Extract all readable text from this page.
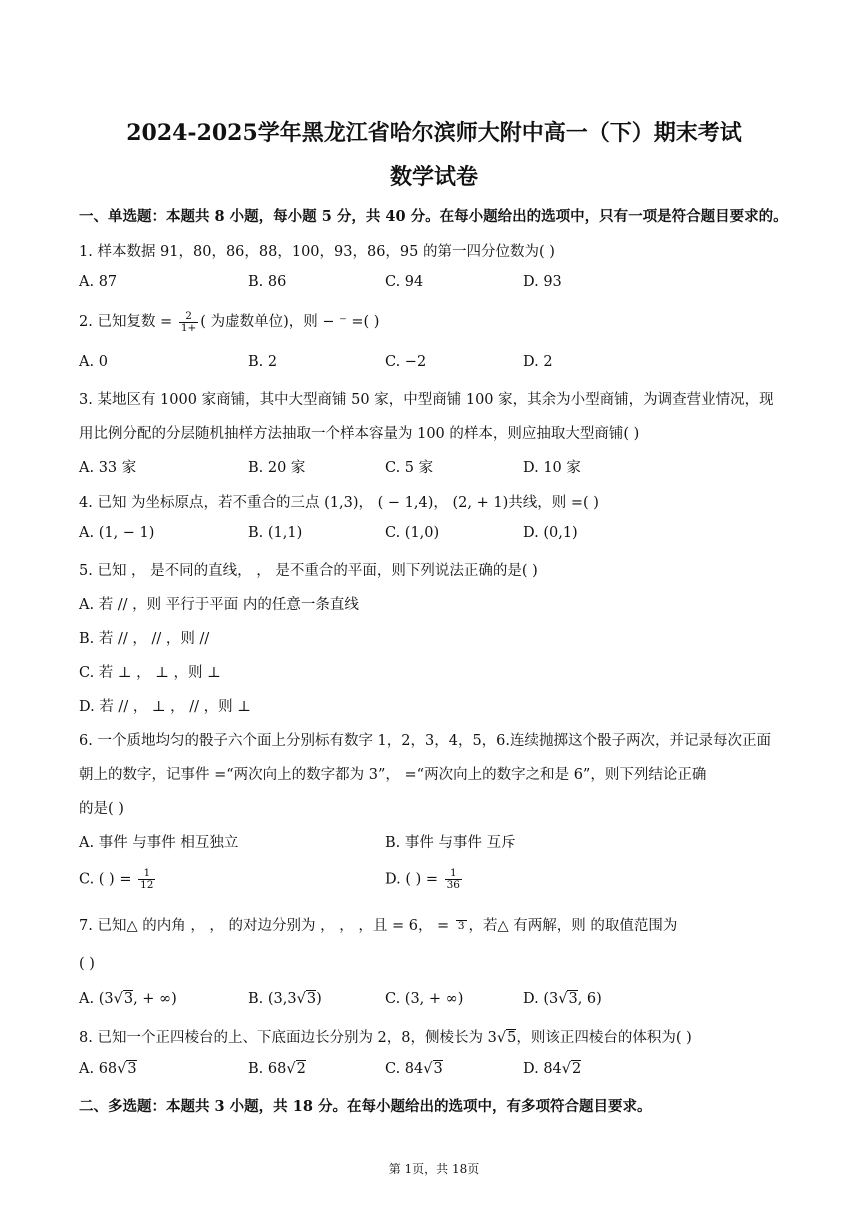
2024-2025学年黑龙江省哈尔滨师大附中高一（下）期末考试
数学试卷
一、单选题：本题共 8 小题，每小题 5 分，共 40 分。在每小题给出的选项中，只有一项是符合题目要求的。
1. 样本数据 91，80，86，88，100，93，86，95 的第一四分位数为( )
A. 87	B. 86	C. 94	D. 93
2. 已知复数 = $\frac{2}{1+}$ ( 为虚数单位)，则 − ⁻ =( )
A. 0	B. 2	C. −2	D. 2
3. 某地区有 1000 家商铺，其中大型商铺 50 家，中型商铺 100 家，其余为小型商铺，为调查营业情况，现
用比例分配的分层随机抽样方法抽取一个样本容量为 100 的样本，则应抽取大型商铺( )
A. 33 家	B. 20 家	C. 5 家	D. 10 家
4. 已知 为坐标原点，若不重合的三点 (1,3)， ( − 1,4)， (2, + 1)共线，则 =( )
A. (1, − 1)	B. (1,1)	C. (1,0)	D. (0,1)
5. 已知 ， 是不同的直线， ， 是不重合的平面，则下列说法正确的是( )
A. 若 // ，则 平行于平面 内的任意一条直线
B. 若 // ， // ，则 //
C. 若 ⊥ ， ⊥ ，则 ⊥
D. 若 // ， ⊥ ， // ，则 ⊥
6. 一个质地均匀的骰子六个面上分别标有数字 1，2，3，4，5，6.连续抛掷这个骰子两次，并记录每次正面
朝上的数字，记事件 =“两次向上的数字都为 3”， =“两次向上的数字之和是 6”，则下列结论正确
的是( )
A. 事件 与事件 相互独立	B. 事件 与事件 互斥
C. ( ) = $\frac{1}{12}$	D. ( ) = $\frac{1}{36}$
7. 已知△ 的内角 ， ， 的对边分别为 ， ， ，且 = 6， = 3 ，若△ 有两解，则 的取值范围为
( )
A. (3√3, + ∞)	B. (3,3√3)	C. (3, + ∞)	D. (3√3, 6)
8. 已知一个正四棱台的上、下底面边长分别为 2，8，侧棱长为 3√5，则该正四棱台的体积为( )
A. 68√3	B. 68√2	C. 84√3	D. 84√2
二、多选题：本题共 3 小题，共 18 分。在每小题给出的选项中，有多项符合题目要求。
第 1页，共 18页
